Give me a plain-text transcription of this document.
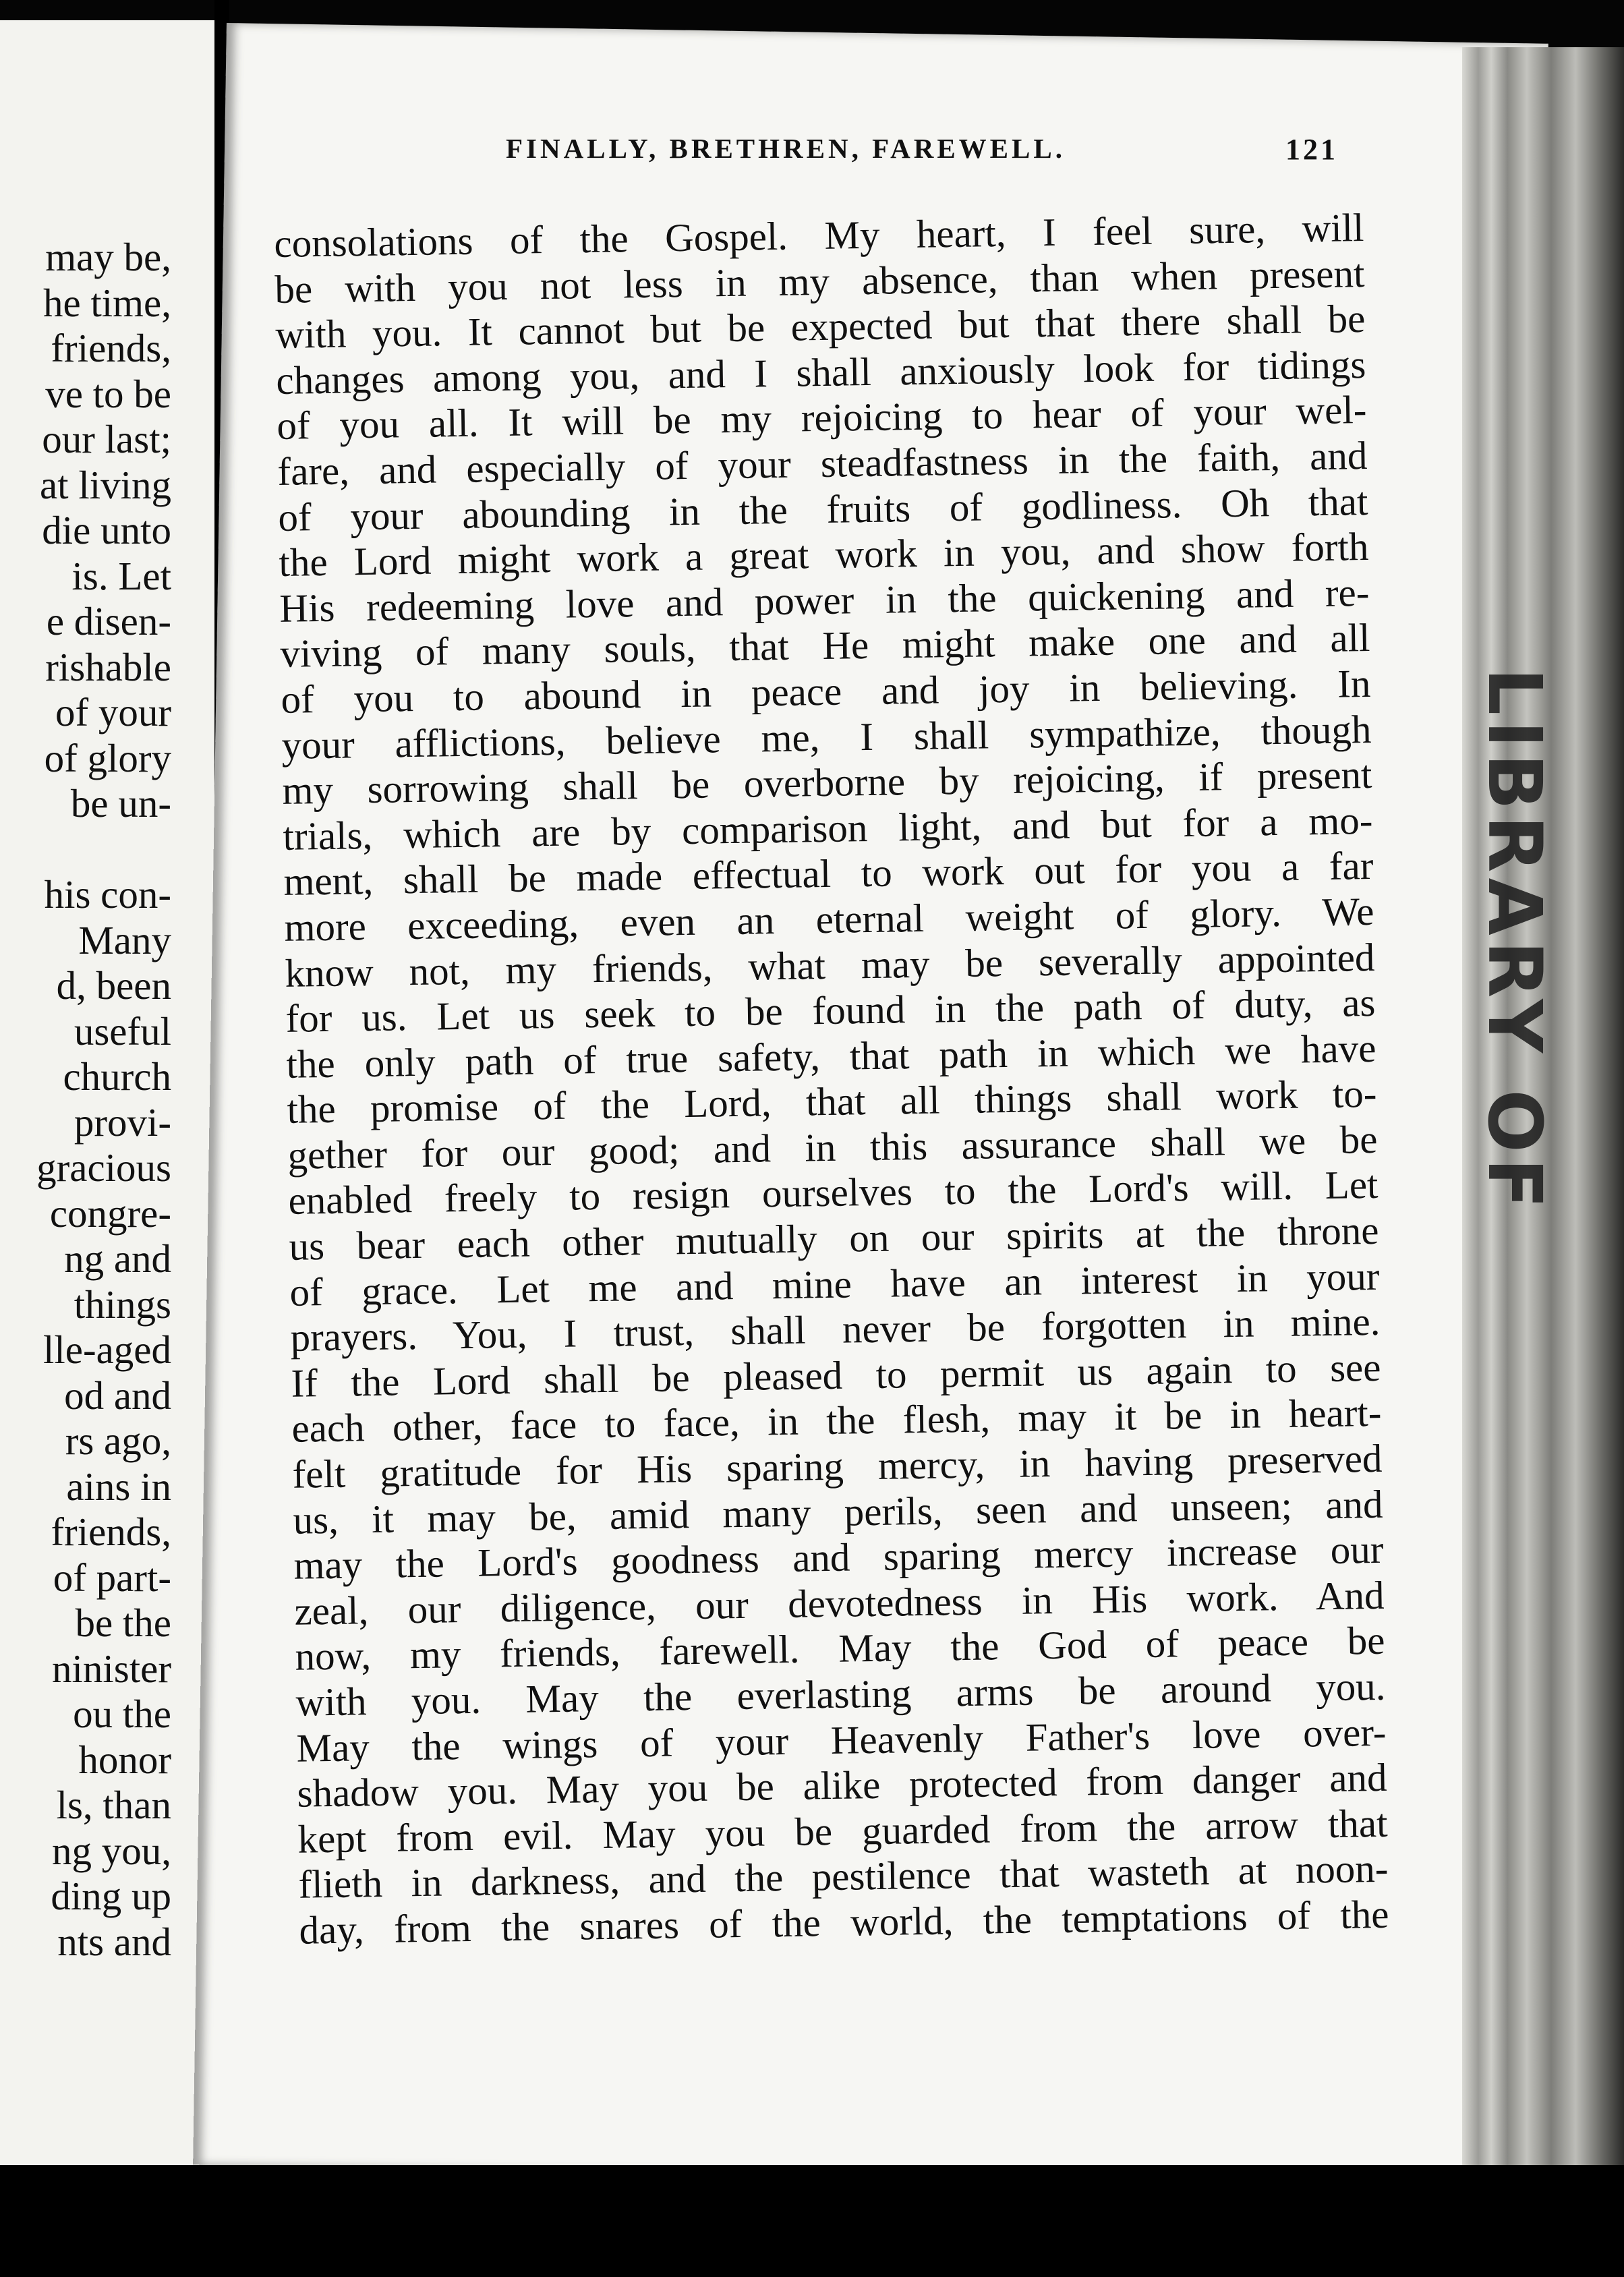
may be,
he time,
friends,
ve to be
our last;
at living
die unto
is. Let
e disen-
rishable
of your
of glory
be un-
his con-
Many
d, been
useful
church
provi-
gracious
congre-
ng and
things
lle-aged
od and
rs ago,
ains in
friends,
of part-
be the
ninister
ou the
honor
ls, than
ng you,
ding up
nts and
LIBRARY OF
FINALLY, BRETHREN, FAREWELL.	121
consolations of the Gospel. My heart, I feel sure, will
be with you not less in my absence, than when present
with you. It cannot but be expected but that there shall be
changes among you, and I shall anxiously look for tidings
of you all. It will be my rejoicing to hear of your wel-
fare, and especially of your steadfastness in the faith, and
of your abounding in the fruits of godliness. Oh that
the Lord might work a great work in you, and show forth
His redeeming love and power in the quickening and re-
viving of many souls, that He might make one and all
of you to abound in peace and joy in believing. In
your afflictions, believe me, I shall sympathize, though
my sorrowing shall be overborne by rejoicing, if present
trials, which are by comparison light, and but for a mo-
ment, shall be made effectual to work out for you a far
more exceeding, even an eternal weight of glory. We
know not, my friends, what may be severally appointed
for us. Let us seek to be found in the path of duty, as
the only path of true safety, that path in which we have
the promise of the Lord, that all things shall work to-
gether for our good; and in this assurance shall we be
enabled freely to resign ourselves to the Lord's will. Let
us bear each other mutually on our spirits at the throne
of grace. Let me and mine have an interest in your
prayers. You, I trust, shall never be forgotten in mine.
If the Lord shall be pleased to permit us again to see
each other, face to face, in the flesh, may it be in heart-
felt gratitude for His sparing mercy, in having preserved
us, it may be, amid many perils, seen and unseen; and
may the Lord's goodness and sparing mercy increase our
zeal, our diligence, our devotedness in His work. And
now, my friends, farewell. May the God of peace be
with you. May the everlasting arms be around you.
May the wings of your Heavenly Father's love over-
shadow you. May you be alike protected from danger and
kept from evil. May you be guarded from the arrow that
flieth in darkness, and the pestilence that wasteth at noon-
day, from the snares of the world, the temptations of the
